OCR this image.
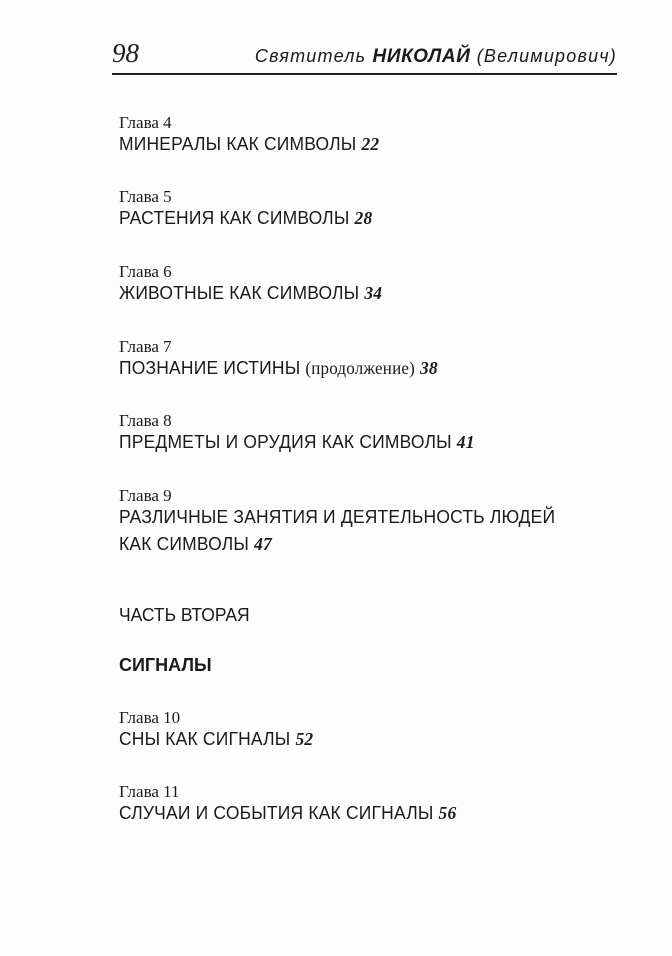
98	Святитель НИКОЛАЙ (Велимирович)
Глава 4
МИНЕРАЛЫ КАК СИМВОЛЫ 22
Глава 5
РАСТЕНИЯ КАК СИМВОЛЫ 28
Глава 6
ЖИВОТНЫЕ КАК СИМВОЛЫ 34
Глава 7
ПОЗНАНИЕ ИСТИНЫ (продолжение) 38
Глава 8
ПРЕДМЕТЫ И ОРУДИЯ КАК СИМВОЛЫ 41
Глава 9
РАЗЛИЧНЫЕ ЗАНЯТИЯ И ДЕЯТЕЛЬНОСТЬ ЛЮДЕЙ
КАК СИМВОЛЫ 47
ЧАСТЬ ВТОРАЯ
СИГНАЛЫ
Глава 10
СНЫ КАК СИГНАЛЫ 52
Глава 11
СЛУЧАИ И СОБЫТИЯ КАК СИГНАЛЫ 56
